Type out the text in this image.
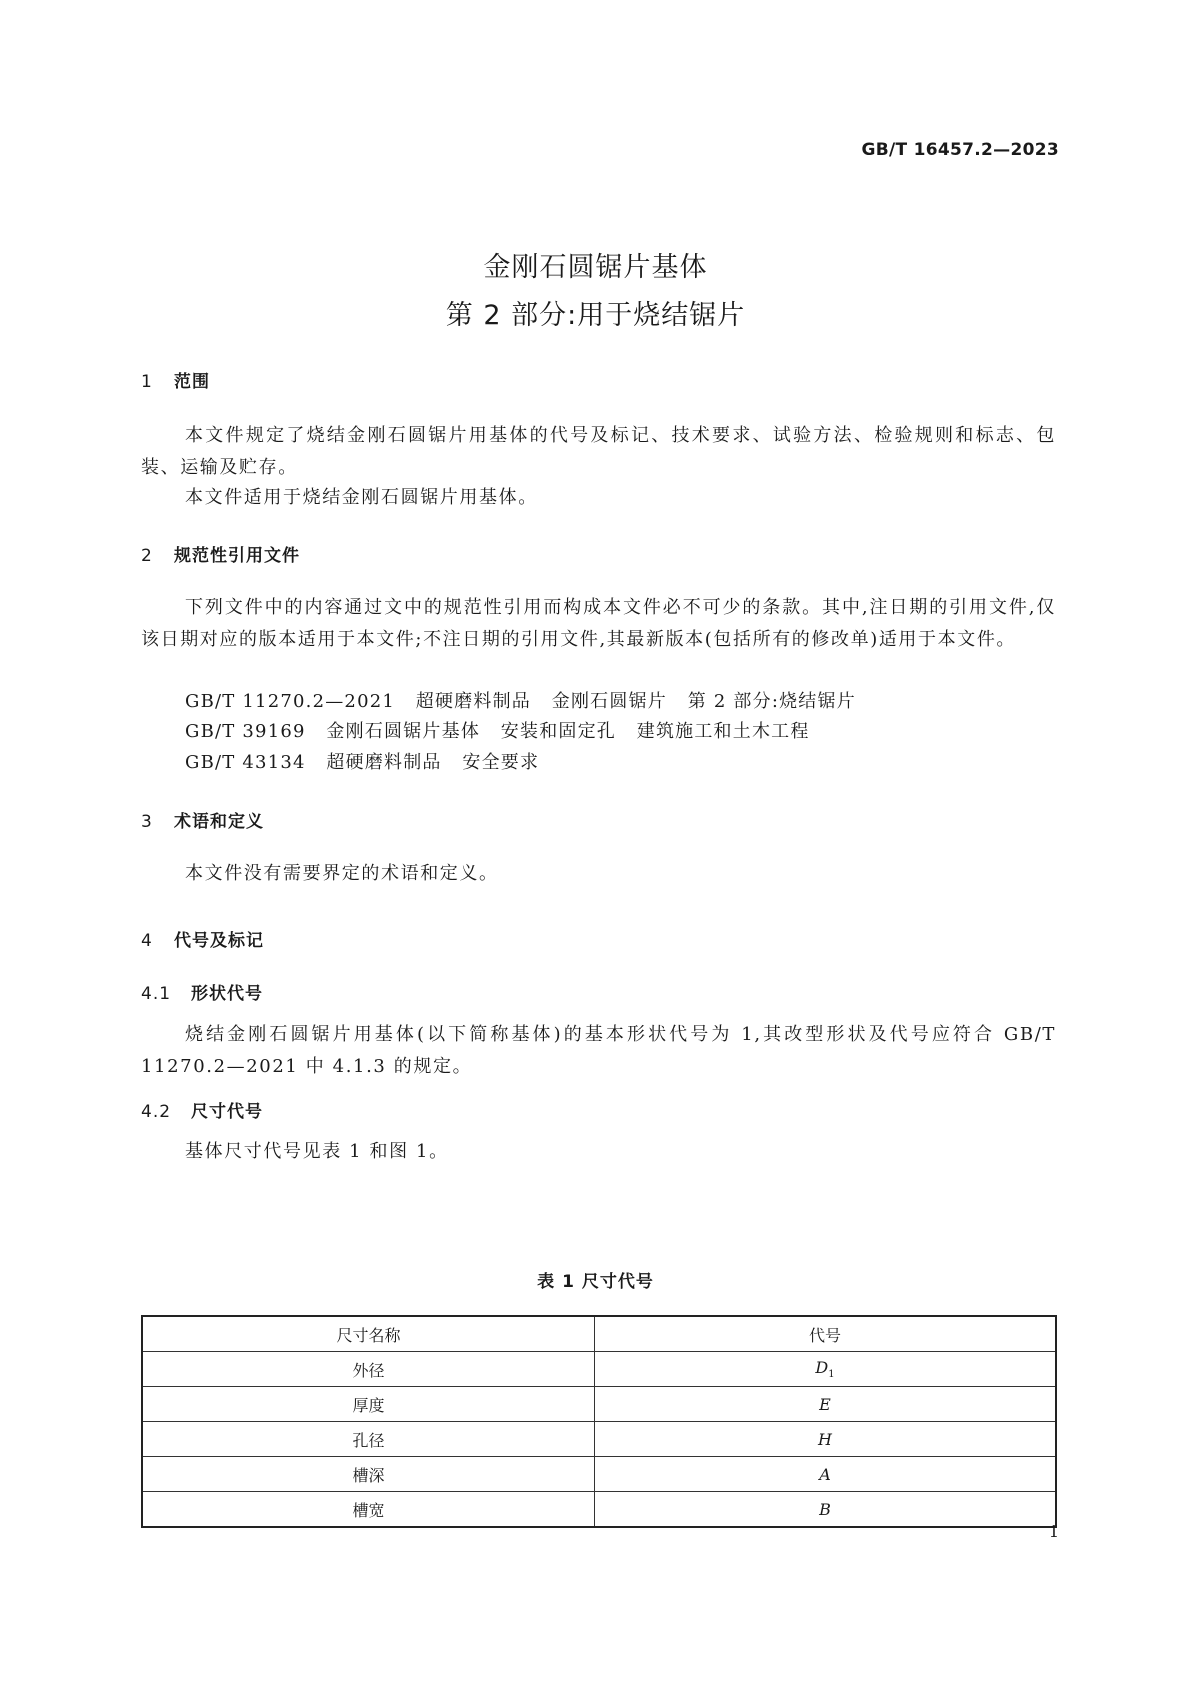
GB/T 16457.2—2023
金刚石圆锯片基体
第 2 部分:用于烧结锯片
1 范围

本文件规定了烧结金刚石圆锯片用基体的代号及标记、技术要求、试验方法、检验规则和标志、包装、运输及贮存。

本文件适用于烧结金刚石圆锯片用基体。

2 规范性引用文件

下列文件中的内容通过文中的规范性引用而构成本文件必不可少的条款。其中,注日期的引用文件,仅该日期对应的版本适用于本文件;不注日期的引用文件,其最新版本(包括所有的修改单)适用于本文件。

GB/T 11270.2—2021   超硬磨料制品   金刚石圆锯片   第 2 部分:烧结锯片

GB/T 39169   金刚石圆锯片基体   安装和固定孔   建筑施工和土木工程

GB/T 43134   超硬磨料制品   安全要求

3 术语和定义

本文件没有需要界定的术语和定义。

4 代号及标记
4.1 形状代号

烧结金刚石圆锯片用基体(以下简称基体)的基本形状代号为 1,其改型形状及代号应符合 GB/T 11270.2—2021 中 4.1.3 的规定。

4.2 尺寸代号

基体尺寸代号见表 1 和图 1。

表 1 尺寸代号

尺寸名称	代号
外径	$D_1$
厚度	E
孔径	H
槽深	A
槽宽	B
1
